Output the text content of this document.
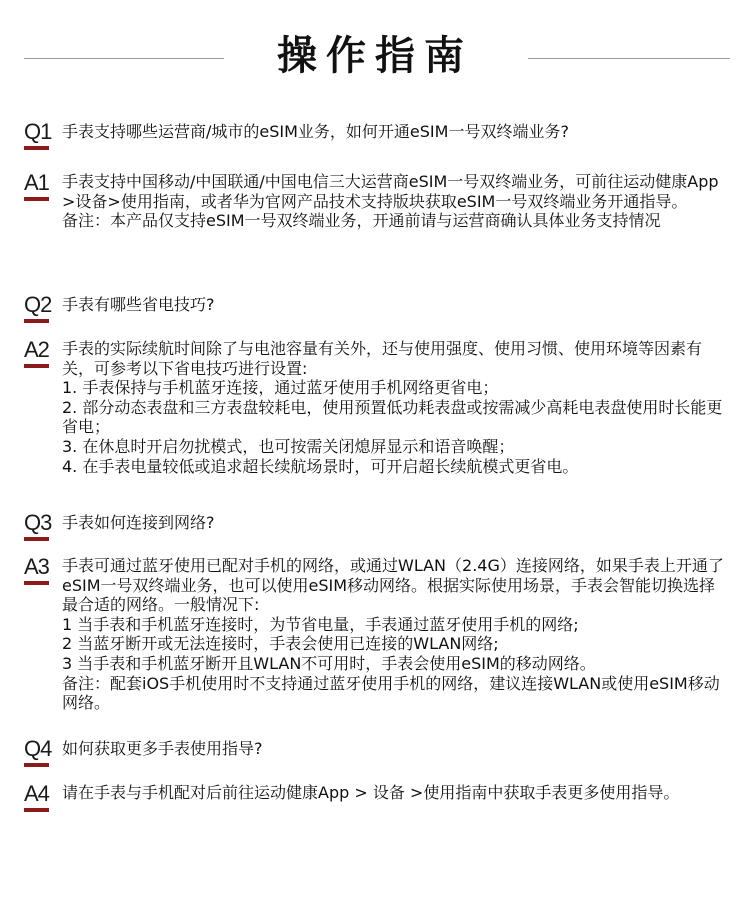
操作指南
Q1 手表支持哪些运营商/城市的eSIM业务，如何开通eSIM一号双终端业务?
A1 手表支持中国移动/中国联通/中国电信三大运营商eSIM一号双终端业务，可前往运动健康App>设备>使用指南，或者华为官网产品技术支持版块获取eSIM一号双终端业务开通指导。
备注：本产品仅支持eSIM一号双终端业务，开通前请与运营商确认具体业务支持情况
Q2 手表有哪些省电技巧?
A2 手表的实际续航时间除了与电池容量有关外，还与使用强度、使用习惯、使用环境等因素有关，可参考以下省电技巧进行设置:
1. 手表保持与手机蓝牙连接，通过蓝牙使用手机网络更省电；
2. 部分动态表盘和三方表盘较耗电，使用预置低功耗表盘或按需减少高耗电表盘使用时长能更省电；
3. 在休息时开启勿扰模式，也可按需关闭熄屏显示和语音唤醒；
4. 在手表电量较低或追求超长续航场景时，可开启超长续航模式更省电。
Q3 手表如何连接到网络?
A3 手表可通过蓝牙使用已配对手机的网络，或通过WLAN（2.4G）连接网络，如果手表上开通了eSIM一号双终端业务，也可以使用eSIM移动网络。根据实际使用场景，手表会智能切换选择最合适的网络。一般情况下:
1 当手表和手机蓝牙连接时，为节省电量，手表通过蓝牙使用手机的网络;
2 当蓝牙断开或无法连接时，手表会使用已连接的WLAN网络;
3 当手表和手机蓝牙断开且WLAN不可用时，手表会使用eSIM的移动网络。
备注：配套iOS手机使用时不支持通过蓝牙使用手机的网络，建议连接WLAN或使用eSIM移动网络。
Q4 如何获取更多手表使用指导?
A4 请在手表与手机配对后前往运动健康App > 设备 >使用指南中获取手表更多使用指导。
